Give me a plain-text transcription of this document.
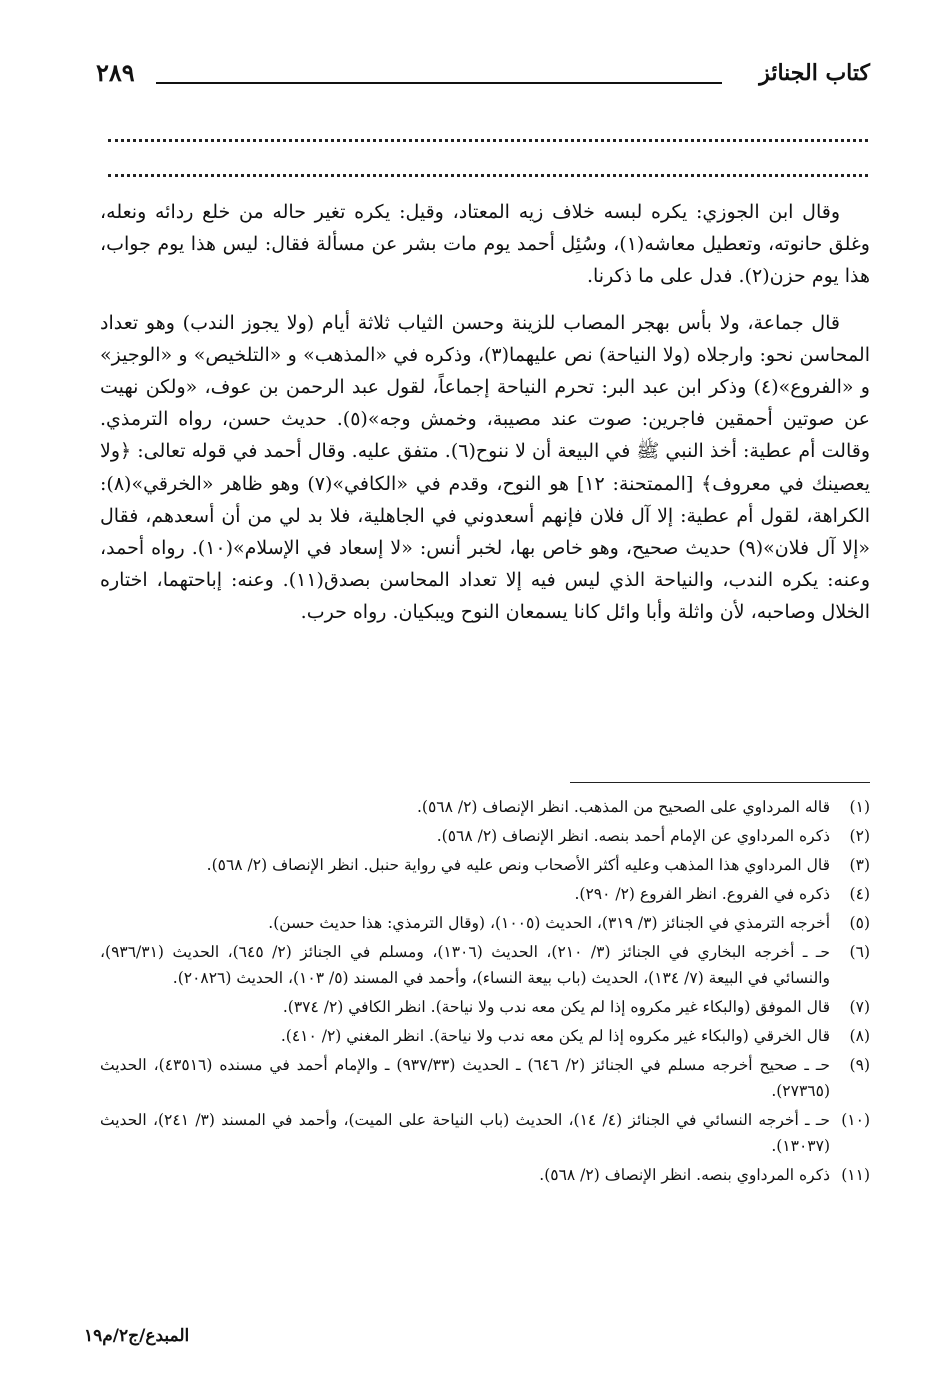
كتاب الجنائز
٢٨٩

وقال ابن الجوزي: يكره لبسه خلاف زيه المعتاد، وقيل: يكره تغير حاله من خلع ردائه ونعله، وغلق حانوته، وتعطيل معاشه(١)، وسُئِل أحمد يوم مات بشر عن مسألة فقال: ليس هذا يوم جواب، هذا يوم حزن(٢). فدل على ما ذكرنا.

قال جماعة، ولا بأس بهجر المصاب للزينة وحسن الثياب ثلاثة أيام (ولا يجوز الندب) وهو تعداد المحاسن نحو: وارجلاه (ولا النياحة) نص عليهما(٣)، وذكره في «المذهب» و «التلخيص» و «الوجيز» و «الفروع»(٤) وذكر ابن عبد البر: تحرم النياحة إجماعاً، لقول عبد الرحمن بن عوف، «ولكن نهيت عن صوتين أحمقين فاجرين: صوت عند مصيبة، وخمش وجه»(٥). حديث حسن، رواه الترمذي. وقالت أم عطية: أخذ النبي ﷺ في البيعة أن لا ننوح(٦). متفق عليه. وقال أحمد في قوله تعالى: ﴿ولا يعصينك في معروف﴾ [الممتحنة: ١٢] هو النوح، وقدم في «الكافي»(٧) وهو ظاهر «الخرقي»(٨): الكراهة، لقول أم عطية: إلا آل فلان فإنهم أسعدوني في الجاهلية، فلا بد لي من أن أسعدهم، فقال «إلا آل فلان»(٩) حديث صحيح، وهو خاص بها، لخبر أنس: «لا إسعاد في الإسلام»(١٠). رواه أحمد، وعنه: يكره الندب، والنياحة الذي ليس فيه إلا تعداد المحاسن بصدق(١١). وعنه: إباحتهما، اختاره الخلال وصاحبه، لأن واثلة وأبا وائل كانا يسمعان النوح ويبكيان. رواه حرب.

(١)
قاله المرداوي على الصحيح من المذهب. انظر الإنصاف (٢/ ٥٦٨).
(٢)
ذكره المرداوي عن الإمام أحمد بنصه. انظر الإنصاف (٢/ ٥٦٨).
(٣)
قال المرداوي هذا المذهب وعليه أكثر الأصحاب ونص عليه في رواية حنبل. انظر الإنصاف (٢/ ٥٦٨).
(٤)
ذكره في الفروع. انظر الفروع (٢/ ٢٩٠).
(٥)
أخرجه الترمذي في الجنائز (٣/ ٣١٩)، الحديث (١٠٠٥)، (وقال الترمذي: هذا حديث حسن).
(٦)
حـ ـ أخرجه البخاري في الجنائز (٣/ ٢١٠)، الحديث (١٣٠٦)، ومسلم في الجنائز (٢/ ٦٤٥)، الحديث (٩٣٦/٣١)، والنسائي في البيعة (٧/ ١٣٤)، الحديث (باب بيعة النساء)، وأحمد في المسند (٥/ ١٠٣)، الحديث (٢٠٨٢٦).
(٧)
قال الموفق (والبكاء غير مكروه إذا لم يكن معه ندب ولا نياحة). انظر الكافي (٢/ ٣٧٤).
(٨)
قال الخرقي (والبكاء غير مكروه إذا لم يكن معه ندب ولا نياحة). انظر المغني (٢/ ٤١٠).
(٩)
حـ ـ صحيح أخرجه مسلم في الجنائز (٢/ ٦٤٦) ـ الحديث (٩٣٧/٣٣) ـ والإمام أحمد في مسنده (٤٣٥١٦)، الحديث (٢٧٣٦٥).
(١٠)
حـ ـ أخرجه النسائي في الجنائز (٤/ ١٤)، الحديث (باب النياحة على الميت)، وأحمد في المسند (٣/ ٢٤١)، الحديث (١٣٠٣٧).
(١١)
ذكره المرداوي بنصه. انظر الإنصاف (٢/ ٥٦٨).
المبدع/ج٢/م١٩
